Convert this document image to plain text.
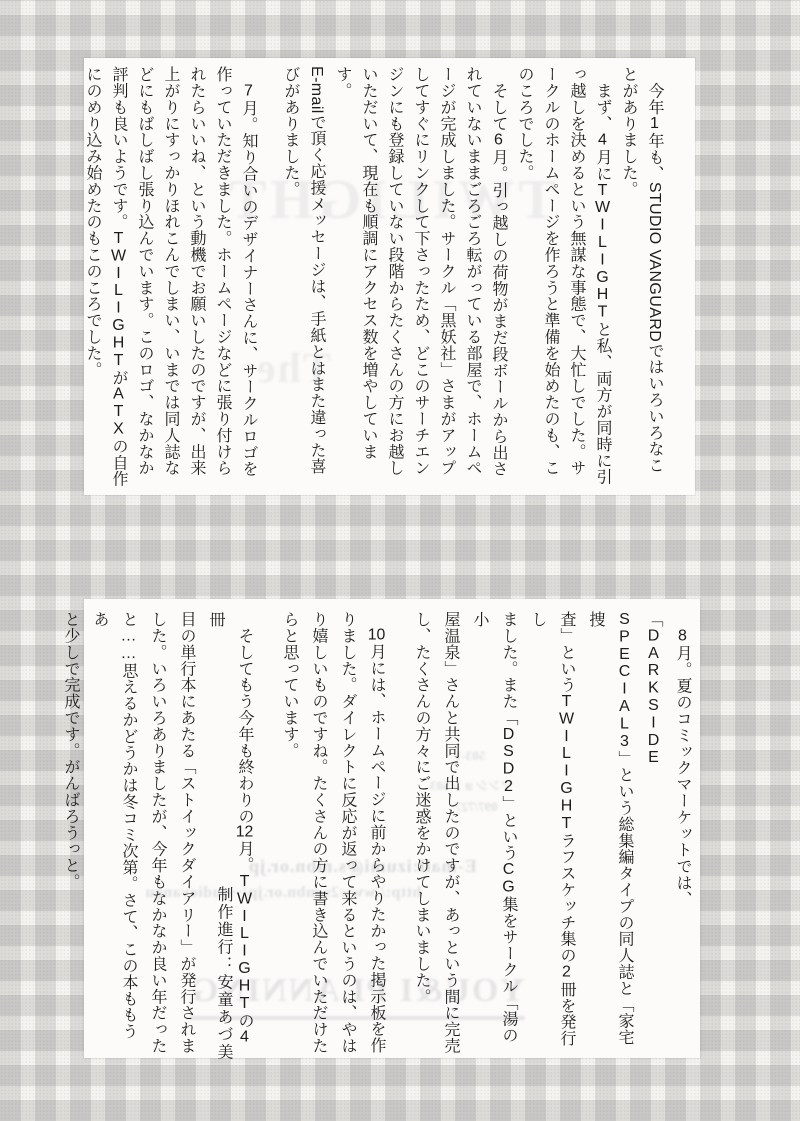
　今年1年も、STUDIO VANGUARDではいろいろなこ
とがありました。
　まず、4月にTWILIGHTと私、両方が同時に引
っ越しを決めるという無謀な事態で、大忙しでした。サ
ークルのホームページを作ろうと準備を始めたのも、こ
のころでした。
　そして6月。引っ越しの荷物がまだ段ボールから出さ
れていないままごろごろ転がっている部屋で、ホームペ
ージが完成しました。サークル「黒妖社」さまがアップ
してすぐにリンクして下さったため、どこのサーチエン
ジンにも登録していない段階からたくさんの方にお越し
いただいて、現在も順調にアクセス数を増やしています。
E-mailで頂く応援メッセージは、手紙とはまた違った喜
びがありました。
　7月。知り合いのデザイナーさんに、サークルロゴを
作っていただきました。ホームページなどに張り付けら
れたらいいね、という動機でお願いしたのですが、出来
上がりにすっかりほれこんでしまい、いまでは同人誌な
どにもばしばし張り込んでいます。このロゴ、なかなか
評判も良いようです。TWILIGHTがATXの自作
にのめり込み始めたのもこのころでした。
　8月。夏のコミックマーケットでは、「DARKSIDE
SPECIAL3」という総集編タイプの同人誌と「家宅捜
査」というTWILIGHTラフスケッチ集の2冊を発行し
ました。また「DSD2」というCG集をサークル「湯の小
屋温泉」さんと共同で出したのですが、あっという間に完売
し、たくさんの方々にご迷惑をかけてしまいました。
　10月には、ホームページに前からやりたかった掲示板を作
りました。ダイレクトに反応が返って来るというのは、やは
り嬉しいものですね。たくさんの方に書き込んでいただけた
らと思っています。
　そしてもう今年も終わりの12月。TWILIGHTの4冊
目の単行本にあたる「ストイックダイアリー」が発行されま
した。いろいろありましたが、今年もなかなか良い年だった
と……思えるかどうかは冬コミ次第。さて、この本ももうあ
と少しで完成です。がんばろうっと。
制作進行：安童あづ美
